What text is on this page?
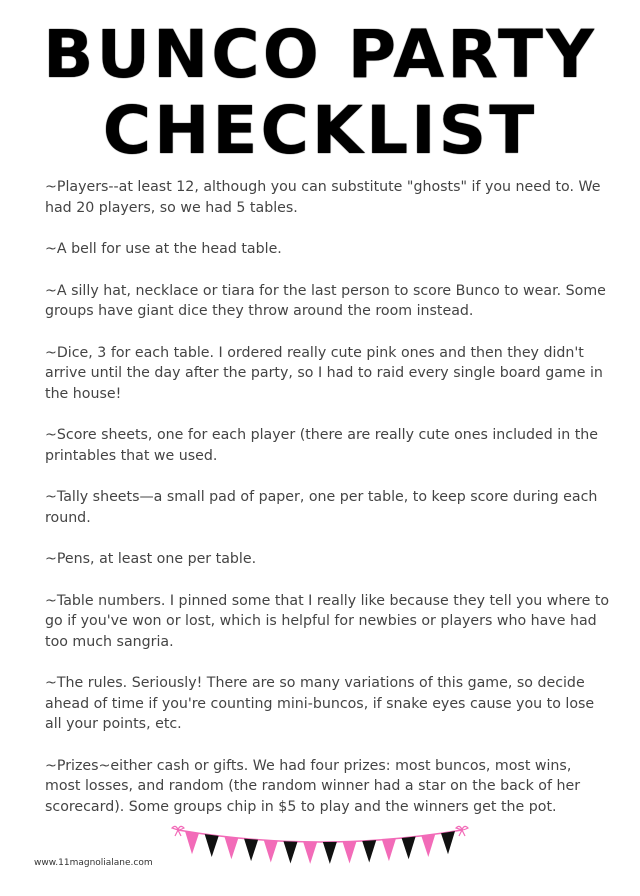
BUNCO PARTY
CHECKLIST

~Players--at least 12, although you can substitute "ghosts" if you need to. We had 20 players, so we had 5 tables.

~A bell for use at the head table.

~A silly hat, necklace or tiara for the last person to score Bunco to wear. Some groups have giant dice they throw around the room instead.

~Dice, 3 for each table. I ordered really cute pink ones and then they didn't arrive until the day after the party, so I had to raid every single board game in the house!

~Score sheets, one for each player (there are really cute ones included in the printables that we used.

~Tally sheets—a small pad of paper, one per table, to keep score during each round.

~Pens, at least one per table.

~Table numbers. I pinned some that I really like because they tell you where to go if you've won or lost, which is helpful for newbies or players who have had too much sangria.

~The rules. Seriously! There are so many variations of this game, so decide ahead of time if you're counting mini-buncos, if snake eyes cause you to lose all your points, etc.

~Prizes~either cash or gifts. We had four prizes: most buncos, most wins, most losses, and random (the random winner had a star on the back of her scorecard). Some groups chip in $5 to play and the winners get the pot.

www.11magnolialane.com
